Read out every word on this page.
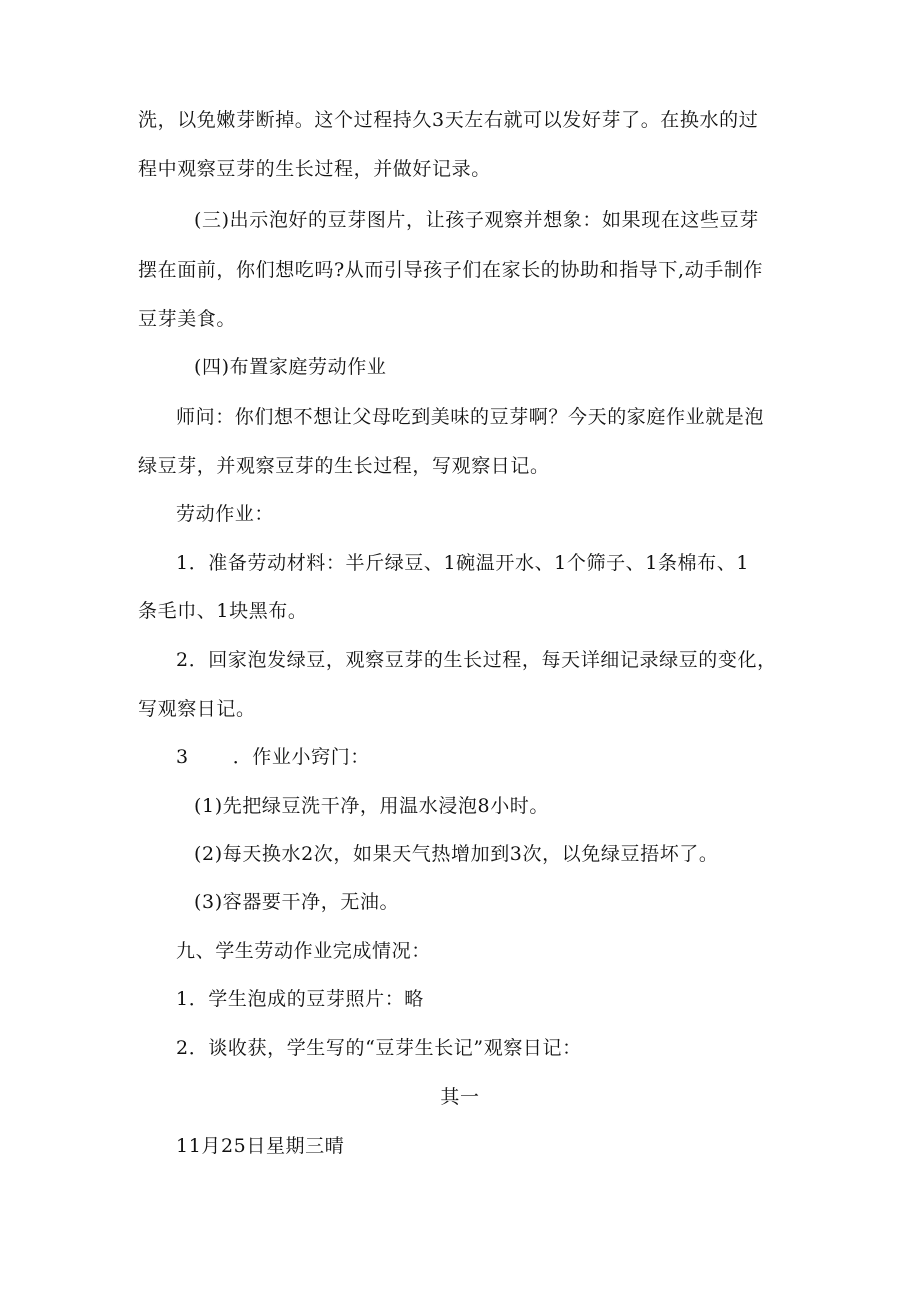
洗，以免嫩芽断掉。这个过程持久3天左右就可以发好芽了。在换水的过
程中观察豆芽的生长过程，并做好记录。
(三)出示泡好的豆芽图片，让孩子观察并想象：如果现在这些豆芽
摆在面前，你们想吃吗?从而引导孩子们在家长的协助和指导下,动手制作
豆芽美食。
(四)布置家庭劳动作业
师问：你们想不想让父母吃到美味的豆芽啊？今天的家庭作业就是泡
绿豆芽，并观察豆芽的生长过程，写观察日记。
劳动作业：
1．准备劳动材料：半斤绿豆、1碗温开水、1个筛子、1条棉布、1
条毛巾、1块黑布。
2．回家泡发绿豆，观察豆芽的生长过程，每天详细记录绿豆的变化，
写观察日记。
3 ．作业小窍门：
(1)先把绿豆洗干净，用温水浸泡8小时。
(2)每天换水2次，如果天气热增加到3次，以免绿豆捂坏了。
(3)容器要干净，无油。
九、学生劳动作业完成情况：
1．学生泡成的豆芽照片：略
2．谈收获，学生写的“豆芽生长记”观察日记：
其一
11月25日星期三晴
